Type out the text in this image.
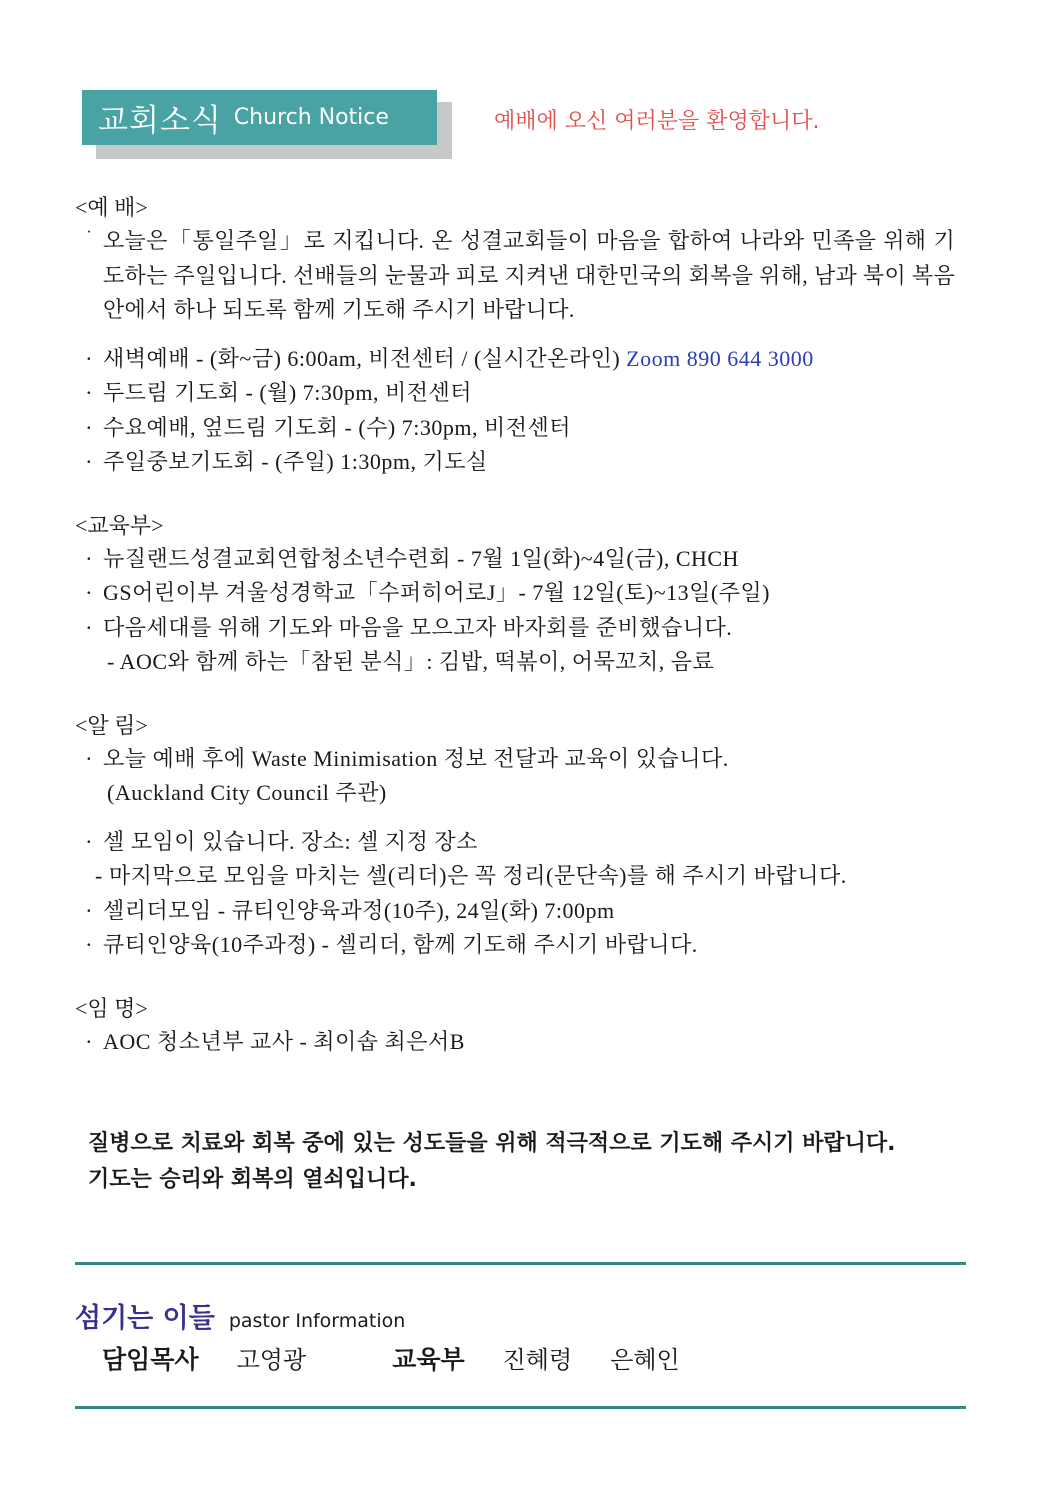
교회소식 Church Notice	예배에 오신 여러분을 환영합니다.
<예 배>
· 오늘은「통일주일」로 지킵니다. 온 성결교회들이 마음을 합하여 나라와 민족을 위해 기도하는 주일입니다. 선배들의 눈물과 피로 지켜낸 대한민국의 회복을 위해, 남과 북이 복음 안에서 하나 되도록 함께 기도해 주시기 바랍니다.
· 새벽예배 - (화~금) 6:00am, 비전센터 / (실시간온라인) Zoom 890 644 3000
· 두드림 기도회 - (월) 7:30pm, 비전센터
· 수요예배, 엎드림 기도회 - (수) 7:30pm, 비전센터
· 주일중보기도회 - (주일) 1:30pm, 기도실
<교육부>
· 뉴질랜드성결교회연합청소년수련회 - 7월 1일(화)~4일(금), CHCH
· GS어린이부 겨울성경학교「수퍼히어로J」- 7월 12일(토)~13일(주일)
· 다음세대를 위해 기도와 마음을 모으고자 바자회를 준비했습니다.
- AOC와 함께 하는「참된 분식」: 김밥, 떡볶이, 어묵꼬치, 음료
<알 림>
· 오늘 예배 후에 Waste Minimisation 정보 전달과 교육이 있습니다.
(Auckland City Council 주관)
· 셀 모임이 있습니다. 장소: 셀 지정 장소
- 마지막으로 모임을 마치는 셀(리더)은 꼭 정리(문단속)를 해 주시기 바랍니다.
· 셀리더모임 - 큐티인양육과정(10주), 24일(화) 7:00pm
· 큐티인양육(10주과정) - 셀리더, 함께 기도해 주시기 바랍니다.
<임 명>
· AOC 청소년부 교사 - 최이솝 최은서B
질병으로 치료와 회복 중에 있는 성도들을 위해 적극적으로 기도해 주시기 바랍니다.
기도는 승리와 회복의 열쇠입니다.
섬기는 이들 pastor Information
담임목사 고영광	교육부 진혜령 은혜인
